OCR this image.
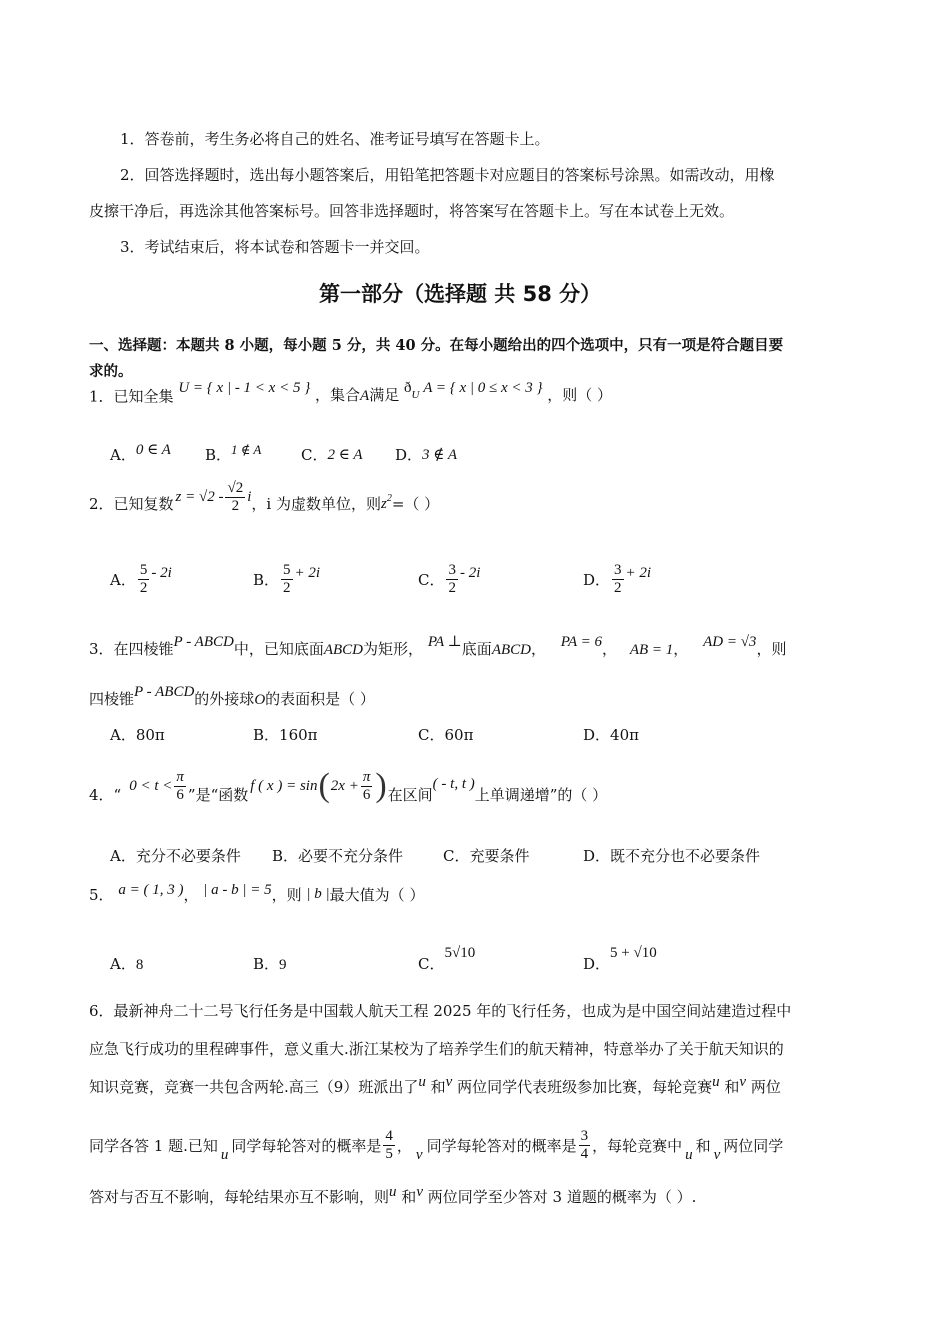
1．答卷前，考生务必将自己的姓名、准考证号填写在答题卡上。

2．回答选择题时，选出每小题答案后，用铅笔把答题卡对应题目的答案标号涂黑。如需改动，用橡

皮擦干净后，再选涂其他答案标号。回答非选择题时，将答案写在答题卡上。写在本试卷上无效。

3．考试结束后，将本试卷和答题卡一并交回。

第一部分（选择题 共 58 分）
一、选择题：本题共 8 小题，每小题 5 分，共 40 分。在每小题给出的四个选项中，只有一项是符合题目要
求的。
1．已知全集 U = { x | - 1 < x < 5 } ，集合A满足 $ð_U$ A = { x | 0 ≤ x < 3 } ，则（ ）
A．0 ∈ A B．1 ∉ A	C．2 ∈ A D．3 ∉ A
2．已知复数 $z = √2 - \frac{√2}{2}$ i ，i 为虚数单位，则 $z^2$ =（ ）
A． $\frac{5}{2} - 2i$	B． $\frac{5}{2} + 2i$	C． $\frac{3}{2} - 2i$	D． $\frac{3}{2} + 2i$
3．在四棱锥P - ABCD中，已知底面ABCD为矩形， PA ⊥底面ABCD， PA = 6， AB = 1， AD = √3，则
四棱锥P - ABCD的外接球O的表面积是（ ）
A．80π	B．160π	C．60π	D．40π
4．“ $0 < t < \frac{\pi}{6}$ ”是“函数 f ( x ) = sin ( $2x + \frac{\pi}{6}$ ) 在区间
( - t, t )
上单调递增”的（ ）
A．充分不必要条件 B．必要不充分条件	C．充要条件	D．既不充分也不必要条件
5． a = ( 1, 3 )， | a - b | = 5，则 | b |最大值为（ ）
A．8	B．9	C．5√10
D．5 + √10
6．最新神舟二十二号飞行任务是中国载人航天工程 2025 年的飞行任务，也成为是中国空间站建造过程中
应急飞行成功的里程碑事件，意义重大.浙江某校为了培养学生们的航天精神，特意举办了关于航天知识的
知识竞赛，竞赛一共包含两轮.高三（9）班派出了u 和v 两位同学代表班级参加比赛，每轮竞赛u 和v 两位
同学各答 1 题.已知 u 同学每轮答对的概率是 $\frac{4}{5}$ ， v 同学每轮答对的概率是 $\frac{3}{4}$ ，每轮竞赛中 u 和 v 两位同学
答对与否互不影响，每轮结果亦互不影响，则u 和v 两位同学至少答对 3 道题的概率为（ ）.
